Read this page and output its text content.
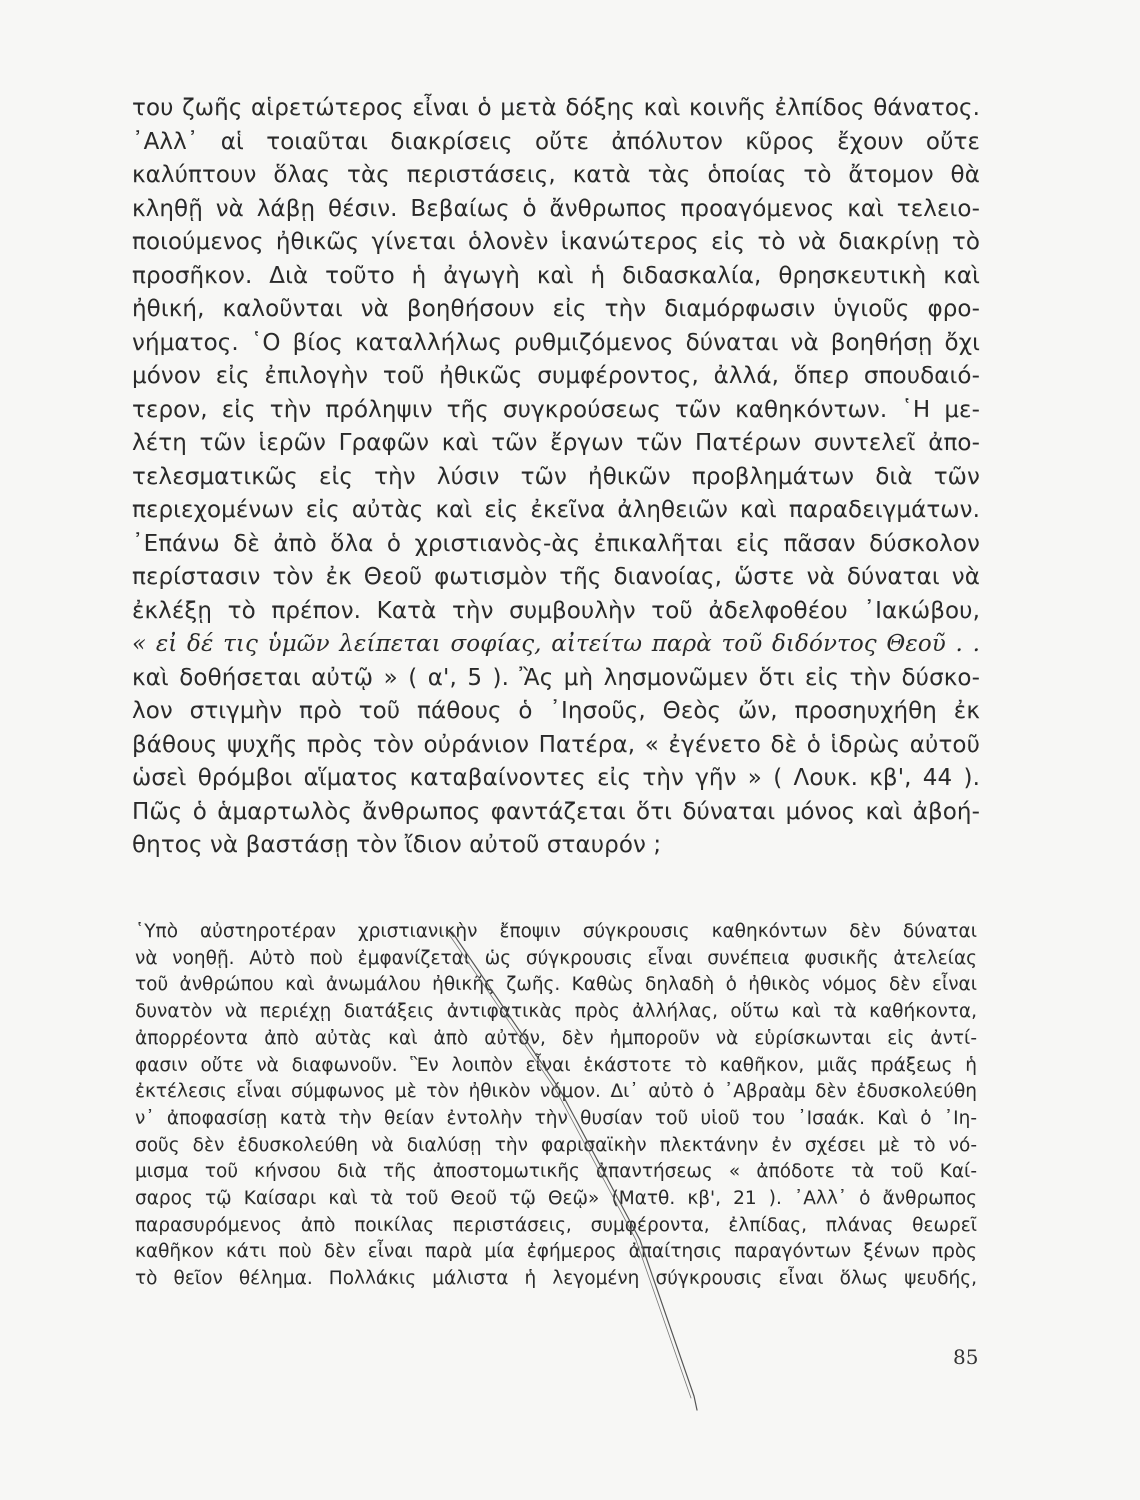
του ζωῆς αἱρετώτερος εἶναι ὁ μετὰ δόξης καὶ κοινῆς ἐλπίδος θάνατος.
᾿Αλλ᾿ αἱ τοιαῦται διακρίσεις οὔτε ἀπόλυτον κῦρος ἔχουν οὔτε
καλύπτουν ὅλας τὰς περιστάσεις, κατὰ τὰς ὁποίας τὸ ἄτομον θὰ
κληθῇ νὰ λάβῃ θέσιν. Βεβαίως ὁ ἄνθρωπος προαγόμενος καὶ τελειο-
ποιούμενος ἠθικῶς γίνεται ὁλονὲν ἱκανώτερος εἰς τὸ νὰ διακρίνῃ τὸ
προσῆκον. Διὰ τοῦτο ἡ ἀγωγὴ καὶ ἡ διδασκαλία, θρησκευτικὴ καὶ
ἠθική, καλοῦνται νὰ βοηθήσουν εἰς τὴν διαμόρφωσιν ὑγιοῦς φρο-
νήματος. ῾Ο βίος καταλλήλως ρυθμιζόμενος δύναται νὰ βοηθήσῃ ὄχι
μόνον εἰς ἐπιλογὴν τοῦ ἠθικῶς συμφέροντος, ἀλλά, ὅπερ σπουδαιό-
τερον, εἰς τὴν πρόληψιν τῆς συγκρούσεως τῶν καθηκόντων. ῾Η με-
λέτη τῶν ἱερῶν Γραφῶν καὶ τῶν ἔργων τῶν Πατέρων συντελεῖ ἀπο-
τελεσματικῶς εἰς τὴν λύσιν τῶν ἠθικῶν προβλημάτων διὰ τῶν
περιεχομένων εἰς αὐτὰς καὶ εἰς ἐκεῖνα ἀληθειῶν καὶ παραδειγμάτων.
᾿Επάνω δὲ ἀπὸ ὅλα ὁ χριστιανὸς-ὰς ἐπικαλῆται εἰς πᾶσαν δύσκολον
περίστασιν τὸν ἐκ Θεοῦ φωτισμὸν τῆς διανοίας, ὥστε νὰ δύναται νὰ
ἐκλέξῃ τὸ πρέπον. Κατὰ τὴν συμβουλὴν τοῦ ἀδελφοθέου ᾿Ιακώβου,
« εἰ δέ τις ὑμῶν λείπεται σοφίας, αἰτείτω παρὰ τοῦ διδόντος Θεοῦ . .
καὶ δοθήσεται αὐτῷ » ( α', 5 ). Ἂς μὴ λησμονῶμεν ὅτι εἰς τὴν δύσκο-
λον στιγμὴν πρὸ τοῦ πάθους ὁ ᾿Ιησοῦς, Θεὸς ὤν, προσηυχήθη ἐκ
βάθους ψυχῆς πρὸς τὸν οὐράνιον Πατέρα, « ἐγένετο δὲ ὁ ἱδρὼς αὐτοῦ
ὡσεὶ θρόμβοι αἵματος καταβαίνοντες εἰς τὴν γῆν » ( Λουκ. κβ', 44 ).
Πῶς ὁ ἁμαρτωλὸς ἄνθρωπος φαντάζεται ὅτι δύναται μόνος καὶ ἀβοή-
θητος νὰ βαστάσῃ τὸν ἴδιον αὐτοῦ σταυρόν ;
῾Υπὸ αὐστηροτέραν χριστιανικὴν ἔποψιν σύγκρουσις καθηκόντων δὲν δύναται
νὰ νοηθῇ. Αὐτὸ ποὺ ἐμφανίζεται ὡς σύγκρουσις εἶναι συνέπεια φυσικῆς ἀτελείας
τοῦ ἀνθρώπου καὶ ἀνωμάλου ἠθικῆς ζωῆς. Καθὼς δηλαδὴ ὁ ἠθικὸς νόμος δὲν εἶναι
δυνατὸν νὰ περιέχῃ διατάξεις ἀντιφατικὰς πρὸς ἀλλήλας, οὕτω καὶ τὰ καθήκοντα,
ἀπορρέοντα ἀπὸ αὐτὰς καὶ ἀπὸ αὐτόν, δὲν ἠμποροῦν νὰ εὑρίσκωνται εἰς ἀντί-
φασιν οὔτε νὰ διαφωνοῦν. Ἓν λοιπὸν εἶναι ἑκάστοτε τὸ καθῆκον, μιᾶς πράξεως ἡ
ἐκτέλεσις εἶναι σύμφωνος μὲ τὸν ἠθικὸν νόμον. Δι᾿ αὐτὸ ὁ ᾿Αβραὰμ δὲν ἐδυσκολεύθη
ν᾿ ἀποφασίσῃ κατὰ τὴν θείαν ἐντολὴν τὴν θυσίαν τοῦ υἱοῦ του ᾿Ισαάκ. Καὶ ὁ ᾿Ιη-
σοῦς δὲν ἐδυσκολεύθη νὰ διαλύσῃ τὴν φαρισαϊκὴν πλεκτάνην ἐν σχέσει μὲ τὸ νό-
μισμα τοῦ κήνσου διὰ τῆς ἀποστομωτικῆς ἀπαντήσεως « ἀπόδοτε τὰ τοῦ Καί-
σαρος τῷ Καίσαρι καὶ τὰ τοῦ Θεοῦ τῷ Θεῷ» (Ματθ. κβ', 21 ). ᾿Αλλ᾿ ὁ ἄνθρωπος
παρασυρόμενος ἀπὸ ποικίλας περιστάσεις, συμφέροντα, ἐλπίδας, πλάνας θεωρεῖ
καθῆκον κάτι ποὺ δὲν εἶναι παρὰ μία ἐφήμερος ἀπαίτησις παραγόντων ξένων πρὸς
τὸ θεῖον θέλημα. Πολλάκις μάλιστα ἡ λεγομένη σύγκρουσις εἶναι ὅλως ψευδής,
85
